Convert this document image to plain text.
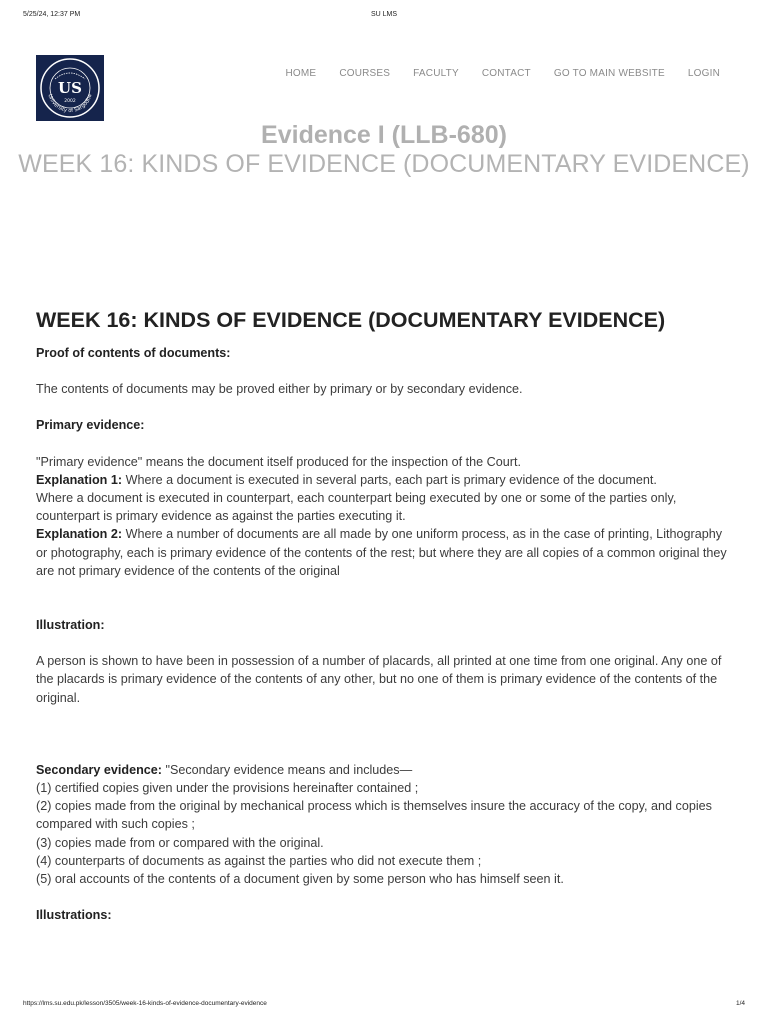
5/25/24, 12:37 PM	SU LMS
US
2002
University of Sargodha
HOME COURSES FACULTY CONTACT GO TO MAIN WEBSITE LOGIN
Evidence I (LLB-680)
WEEK 16: KINDS OF EVIDENCE (DOCUMENTARY EVIDENCE)
WEEK 16: KINDS OF EVIDENCE (DOCUMENTARY EVIDENCE)

Proof of contents of documents:

The contents of documents may be proved either by primary or by secondary evidence.

Primary evidence:

"Primary evidence" means the document itself produced for the inspection of the Court.

Explanation 1: Where a document is executed in several parts, each part is primary evidence of the document.

Where a document is executed in counterpart, each counterpart being executed by one or some of the parties only, counterpart is primary evidence as against the parties executing it.

Explanation 2: Where a number of documents are all made by one uniform process, as in the case of printing, Lithography or photography, each is primary evidence of the contents of the rest; but where they are all copies of a common original they are not primary evidence of the contents of the original

Illustration:

A person is shown to have been in possession of a number of placards, all printed at one time from one original. Any one of the placards is primary evidence of the contents of any other, but no one of them is primary evidence of the contents of the original.

Secondary evidence: "Secondary evidence means and includes—

(1) certified copies given under the provisions hereinafter contained ;

(2) copies made from the original by mechanical process which is themselves insure the accuracy of the copy, and copies compared with such copies ;

(3) copies made from or compared with the original.

(4) counterparts of documents as against the parties who did not execute them ;

(5) oral accounts of the contents of a document given by some person who has himself seen it.

Illustrations:

https://lms.su.edu.pk/lesson/3505/week-16-kinds-of-evidence-documentary-evidence	1/4
